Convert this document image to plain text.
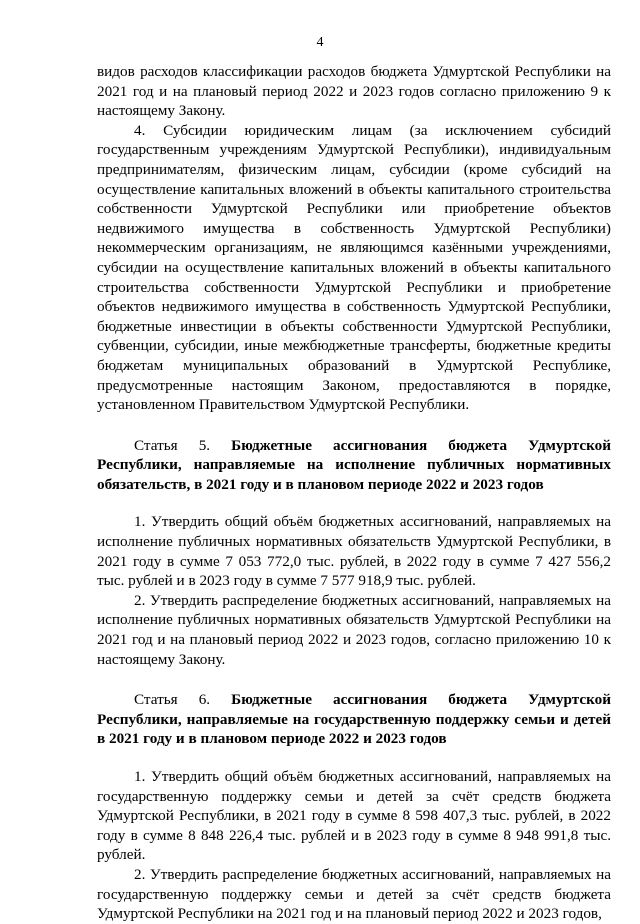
4

видов расходов классификации расходов бюджета Удмуртской Республики на 2021 год и на плановый период 2022 и 2023 годов согласно приложению 9 к настоящему Закону.

4. Субсидии юридическим лицам (за исключением субсидий государственным учреждениям Удмуртской Республики), индивидуальным предпринимателям, физическим лицам, субсидии (кроме субсидий на осуществление капитальных вложений в объекты капитального строительства собственности Удмуртской Республики или приобретение объектов недвижимого имущества в собственность Удмуртской Республики) некоммерческим организациям, не являющимся казёнными учреждениями, субсидии на осуществление капитальных вложений в объекты капитального строительства собственности Удмуртской Республики и приобретение объектов недвижимого имущества в собственность Удмуртской Республики, бюджетные инвестиции в объекты собственности Удмуртской Республики, субвенции, субсидии, иные межбюджетные трансферты, бюджетные кредиты бюджетам муниципальных образований в Удмуртской Республике, предусмотренные настоящим Законом, предоставляются в порядке, установленном Правительством Удмуртской Республики.

Статья 5. Бюджетные ассигнования бюджета Удмуртской Республики, направляемые на исполнение публичных нормативных обязательств, в 2021 году и в плановом периоде 2022 и 2023 годов

1. Утвердить общий объём бюджетных ассигнований, направляемых на исполнение публичных нормативных обязательств Удмуртской Республики, в 2021 году в сумме 7 053 772,0 тыс. рублей, в 2022 году в сумме 7 427 556,2 тыс. рублей и в 2023 году в сумме 7 577 918,9 тыс. рублей.

2. Утвердить распределение бюджетных ассигнований, направляемых на исполнение публичных нормативных обязательств Удмуртской Республики на 2021 год и на плановый период 2022 и 2023 годов, согласно приложению 10 к настоящему Закону.

Статья 6. Бюджетные ассигнования бюджета Удмуртской Республики, направляемые на государственную поддержку семьи и детей в 2021 году и в плановом периоде 2022 и 2023 годов

1. Утвердить общий объём бюджетных ассигнований, направляемых на государственную поддержку семьи и детей за счёт средств бюджета Удмуртской Республики, в 2021 году в сумме 8 598 407,3 тыс. рублей, в 2022 году в сумме 8 848 226,4 тыс. рублей и в 2023 году в сумме 8 948 991,8 тыс. рублей.

2. Утвердить распределение бюджетных ассигнований, направляемых на государственную поддержку семьи и детей за счёт средств бюджета Удмуртской Республики на 2021 год и на плановый период 2022 и 2023 годов,
